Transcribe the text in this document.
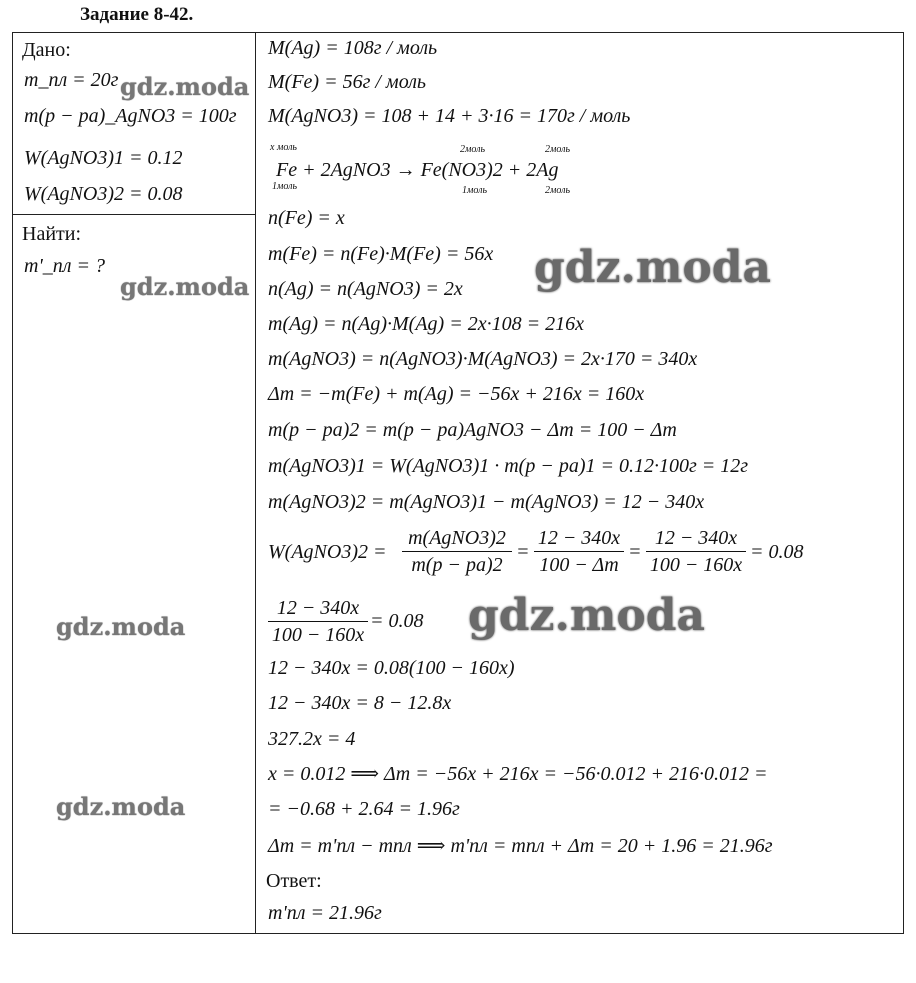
Задание 8-42.
Дано:
m_пл = 20г
m(p − pa)_AgNO3 = 100г
W(AgNO3)1 = 0.12
W(AgNO3)2 = 0.08
Найти:
m'_пл = ?
M(Ag) = 108г / моль
M(Fe) = 56г / моль
M(AgNO3) = 108 + 14 + 3·16 = 170г / моль
x моль	2моль	2моль
Fe + 2AgNO3 → Fe(NO3)2 + 2Ag
1моль	1моль	2моль
n(Fe) = x
m(Fe) = n(Fe)·M(Fe) = 56x
n(Ag) = n(AgNO3) = 2x
m(Ag) = n(Ag)·M(Ag) = 2x·108 = 216x
m(AgNO3) = n(AgNO3)·M(AgNO3) = 2x·170 = 340x
Δm = −m(Fe) + m(Ag) = −56x + 216x = 160x
m(p − pa)2 = m(p − pa)AgNO3 − Δm = 100 − Δm
m(AgNO3)1 = W(AgNO3)1 · m(p − pa)1 = 0.12·100г = 12г
m(AgNO3)2 = m(AgNO3)1 − m(AgNO3) = 12 − 340x
W(AgNO3)2 =
m(AgNO3)2
m(p − pa)2
=
12 − 340x
100 − Δm
=
12 − 340x
100 − 160x
= 0.08
12 − 340x
100 − 160x
= 0.08
12 − 340x = 0.08(100 − 160x)
12 − 340x = 8 − 12.8x
327.2x = 4
x = 0.012 ⟹ Δm = −56x + 216x = −56·0.012 + 216·0.012 =
= −0.68 + 2.64 = 1.96г
Δm = m'пл − mпл ⟹ m'пл = mпл + Δm = 20 + 1.96 = 21.96г
Ответ:
m'пл = 21.96г
gdz.moda
gdz.moda	gdz.moda
gdz.moda	gdz.moda
gdz.moda
